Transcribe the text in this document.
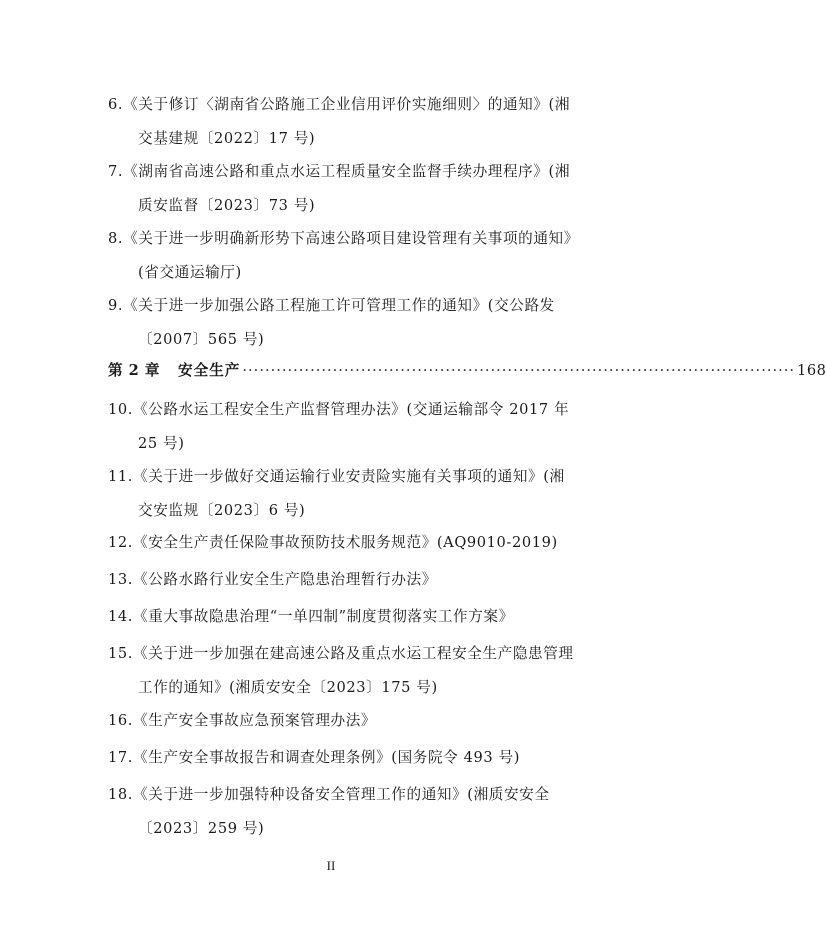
6.《关于修订〈湖南省公路施工企业信用评价实施细则〉的通知》(湘
交基建规〔2022〕17 号)
7.《湖南省高速公路和重点水运工程质量安全监督手续办理程序》(湘
质安监督〔2023〕73 号)
8.《关于进一步明确新形势下高速公路项目建设管理有关事项的通知》
(省交通运输厅)
9.《关于进一步加强公路工程施工许可管理工作的通知》(交公路发
〔2007〕565 号)
第 2 章 安全生产 ·································································································· 168
10.《公路水运工程安全生产监督管理办法》(交通运输部令 2017 年
25 号)
11.《关于进一步做好交通运输行业安责险实施有关事项的通知》(湘
交安监规〔2023〕6 号)
12.《安全生产责任保险事故预防技术服务规范》(AQ9010-2019)
13.《公路水路行业安全生产隐患治理暂行办法》
14.《重大事故隐患治理“一单四制”制度贯彻落实工作方案》
15.《关于进一步加强在建高速公路及重点水运工程安全生产隐患管理
工作的通知》(湘质安安全〔2023〕175 号)
16.《生产安全事故应急预案管理办法》
17.《生产安全事故报告和调查处理条例》(国务院令 493 号)
18.《关于进一步加强特种设备安全管理工作的通知》(湘质安安全
〔2023〕259 号)
II
